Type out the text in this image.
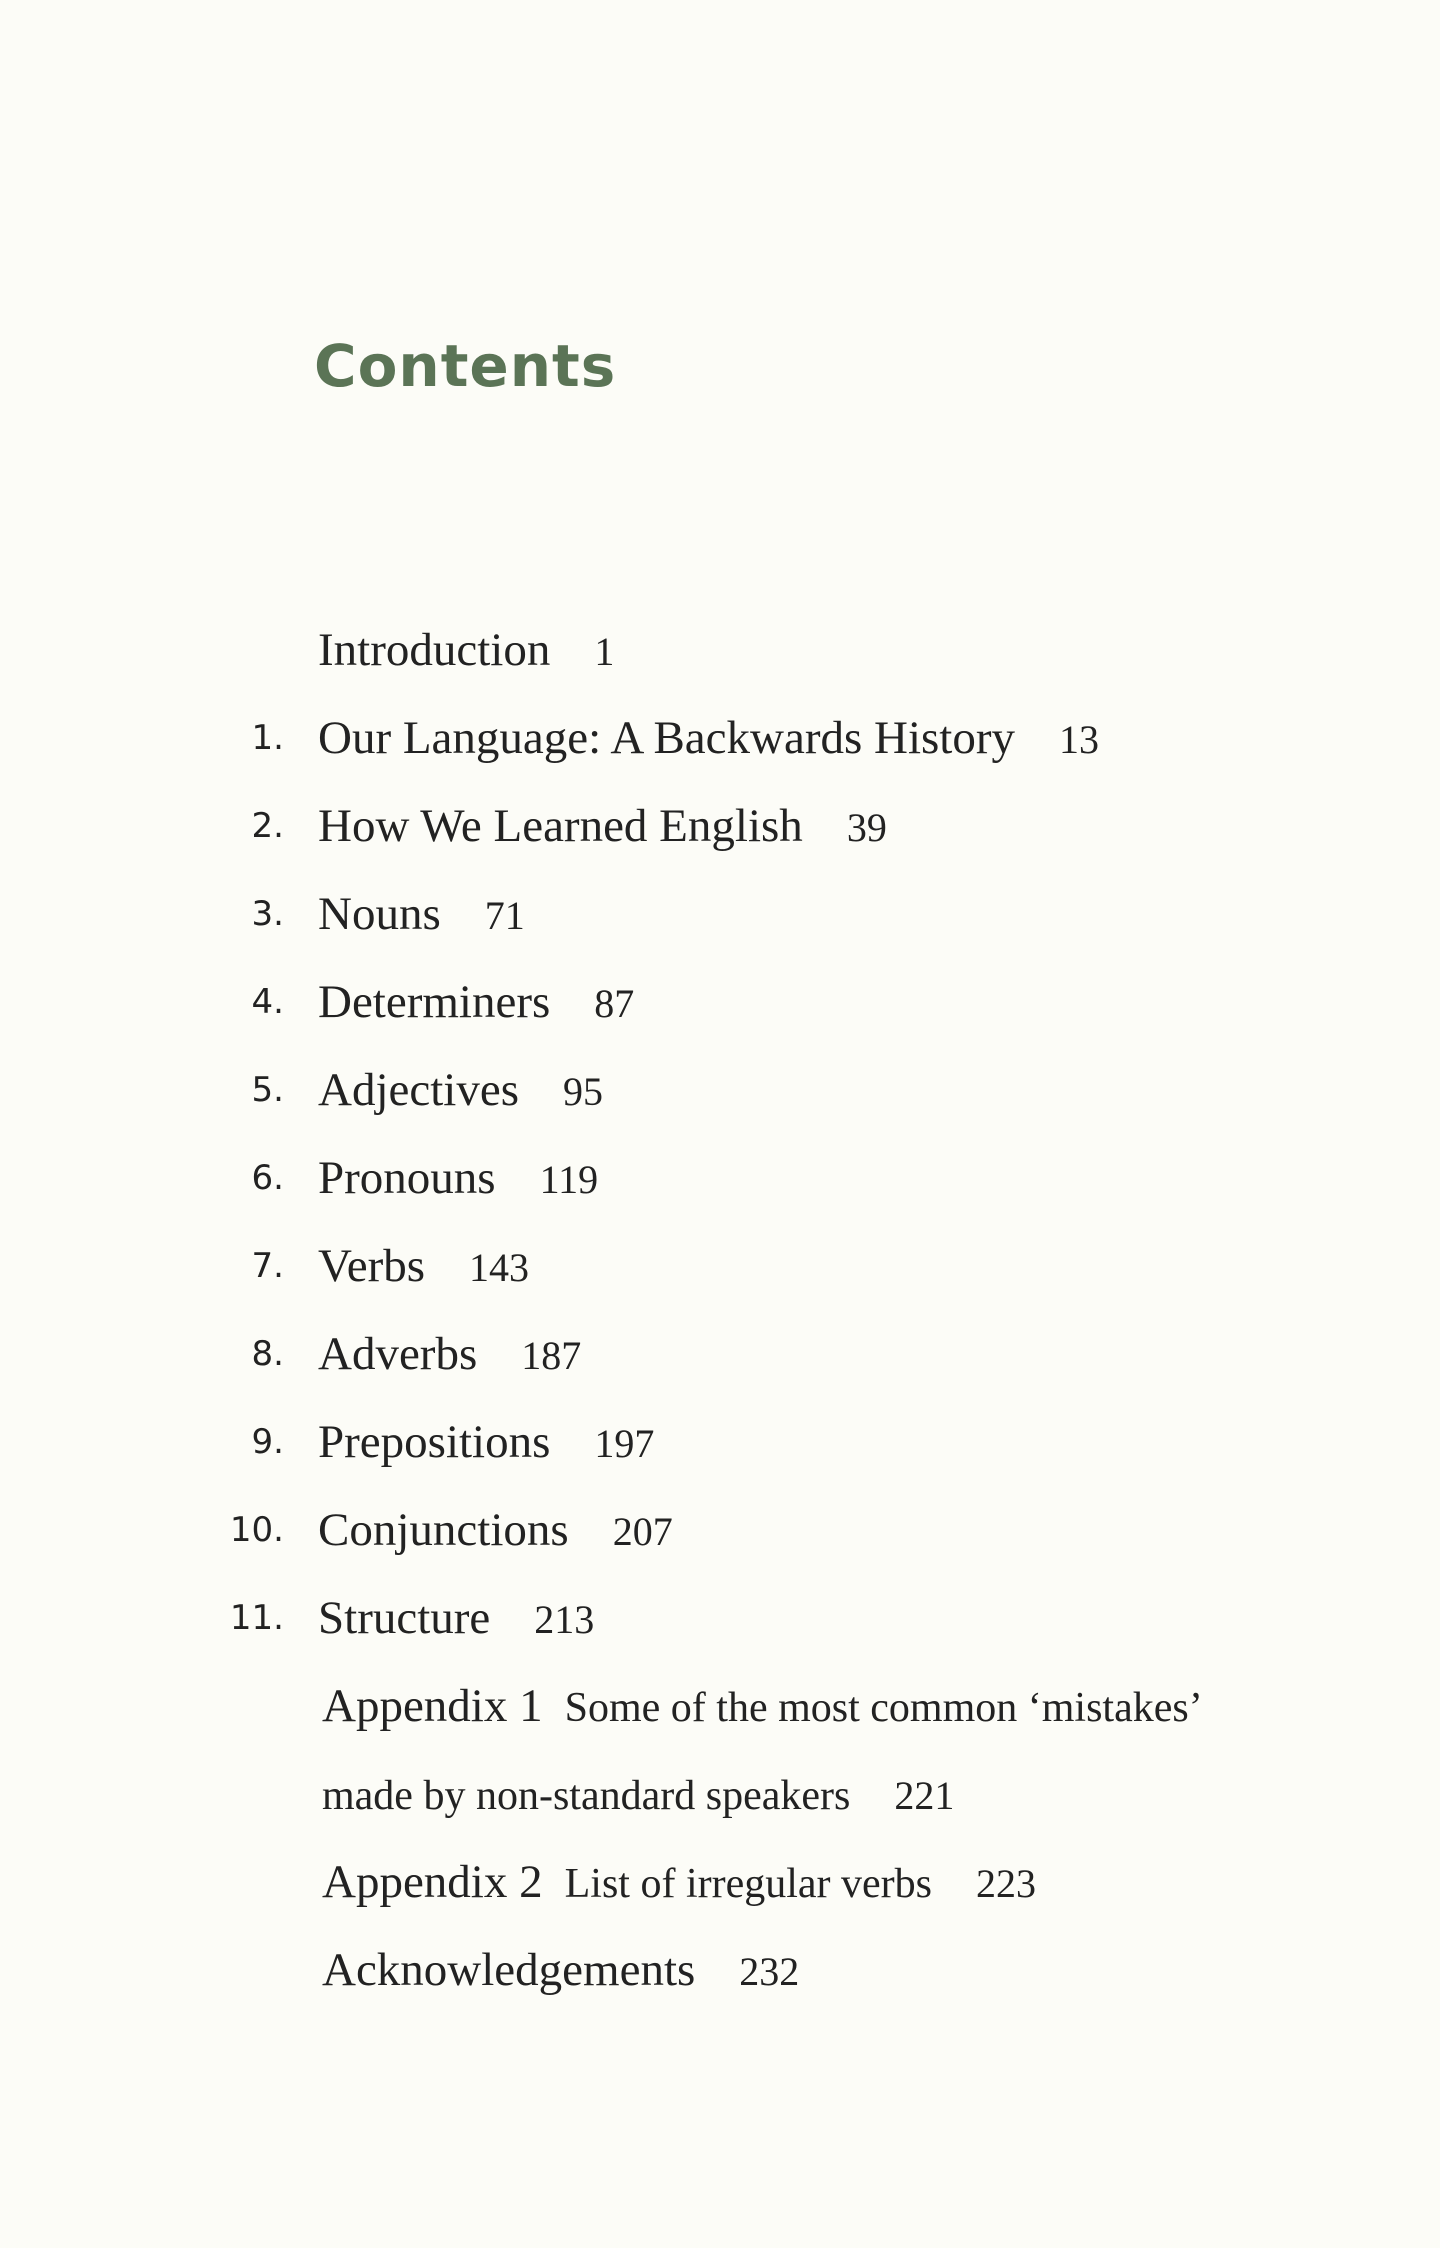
Contents
Introduction 1
1. Our Language: A Backwards History 13
2. How We Learned English 39
3. Nouns 71
4. Determiners 87
5. Adjectives 95
6. Pronouns 119
7. Verbs 143
8. Adverbs 187
9. Prepositions 197
10. Conjunctions 207
11. Structure 213
Appendix 1 Some of the most common ‘mistakes’
made by non-standard speakers 221
Appendix 2 List of irregular verbs 223
Acknowledgements 232
